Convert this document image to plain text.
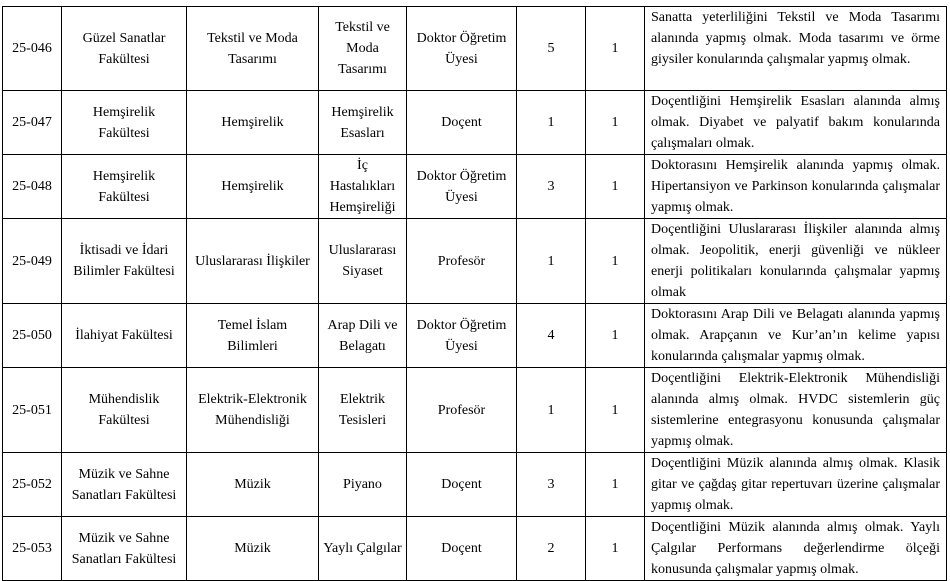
25-046	Güzel Sanatlar Fakültesi	Tekstil ve Moda Tasarımı	Tekstil ve Moda Tasarımı	Doktor Öğretim Üyesi	5	1	Sanatta yeterliliğini Tekstil ve Moda Tasarımı alanında yapmış olmak. Moda tasarımı ve örme giysiler konularında çalışmalar yapmış olmak.
25-047	Hemşirelik Fakültesi	Hemşirelik	Hemşirelik Esasları	Doçent	1	1	Doçentliğini Hemşirelik Esasları alanında almış olmak. Diyabet ve palyatif bakım konularında çalışmaları olmak.
25-048	Hemşirelik Fakültesi	Hemşirelik	İç Hastalıkları Hemşireliği	Doktor Öğretim Üyesi	3	1	Doktorasını Hemşirelik alanında yapmış olmak. Hipertansiyon ve Parkinson konularında çalışmalar yapmış olmak.
25-049	İktisadi ve İdari Bilimler Fakültesi	Uluslararası İlişkiler	Uluslararası Siyaset	Profesör	1	1	Doçentliğini Uluslararası İlişkiler alanında almış olmak. Jeopolitik, enerji güvenliği ve nükleer enerji politikaları konularında çalışmalar yapmış olmak
25-050	İlahiyat Fakültesi	Temel İslam Bilimleri	Arap Dili ve Belagatı	Doktor Öğretim Üyesi	4	1	Doktorasını Arap Dili ve Belagatı alanında yapmış olmak. Arapçanın ve Kur’an’ın kelime yapısı konularında çalışmalar yapmış olmak.
25-051	Mühendislik Fakültesi	Elektrik-Elektronik Mühendisliği	Elektrik Tesisleri	Profesör	1	1	Doçentliğini Elektrik-Elektronik Mühendisliği alanında almış olmak. HVDC sistemlerin güç sistemlerine entegrasyonu konusunda çalışmalar yapmış olmak.
25-052	Müzik ve Sahne Sanatları Fakültesi	Müzik	Piyano	Doçent	3	1	Doçentliğini Müzik alanında almış olmak. Klasik gitar ve çağdaş gitar repertuvarı üzerine çalışmalar yapmış olmak.
25-053	Müzik ve Sahne Sanatları Fakültesi	Müzik	Yaylı Çalgılar	Doçent	2	1	Doçentliğini Müzik alanında almış olmak. Yaylı Çalgılar Performans değerlendirme ölçeği konusunda çalışmalar yapmış olmak.
